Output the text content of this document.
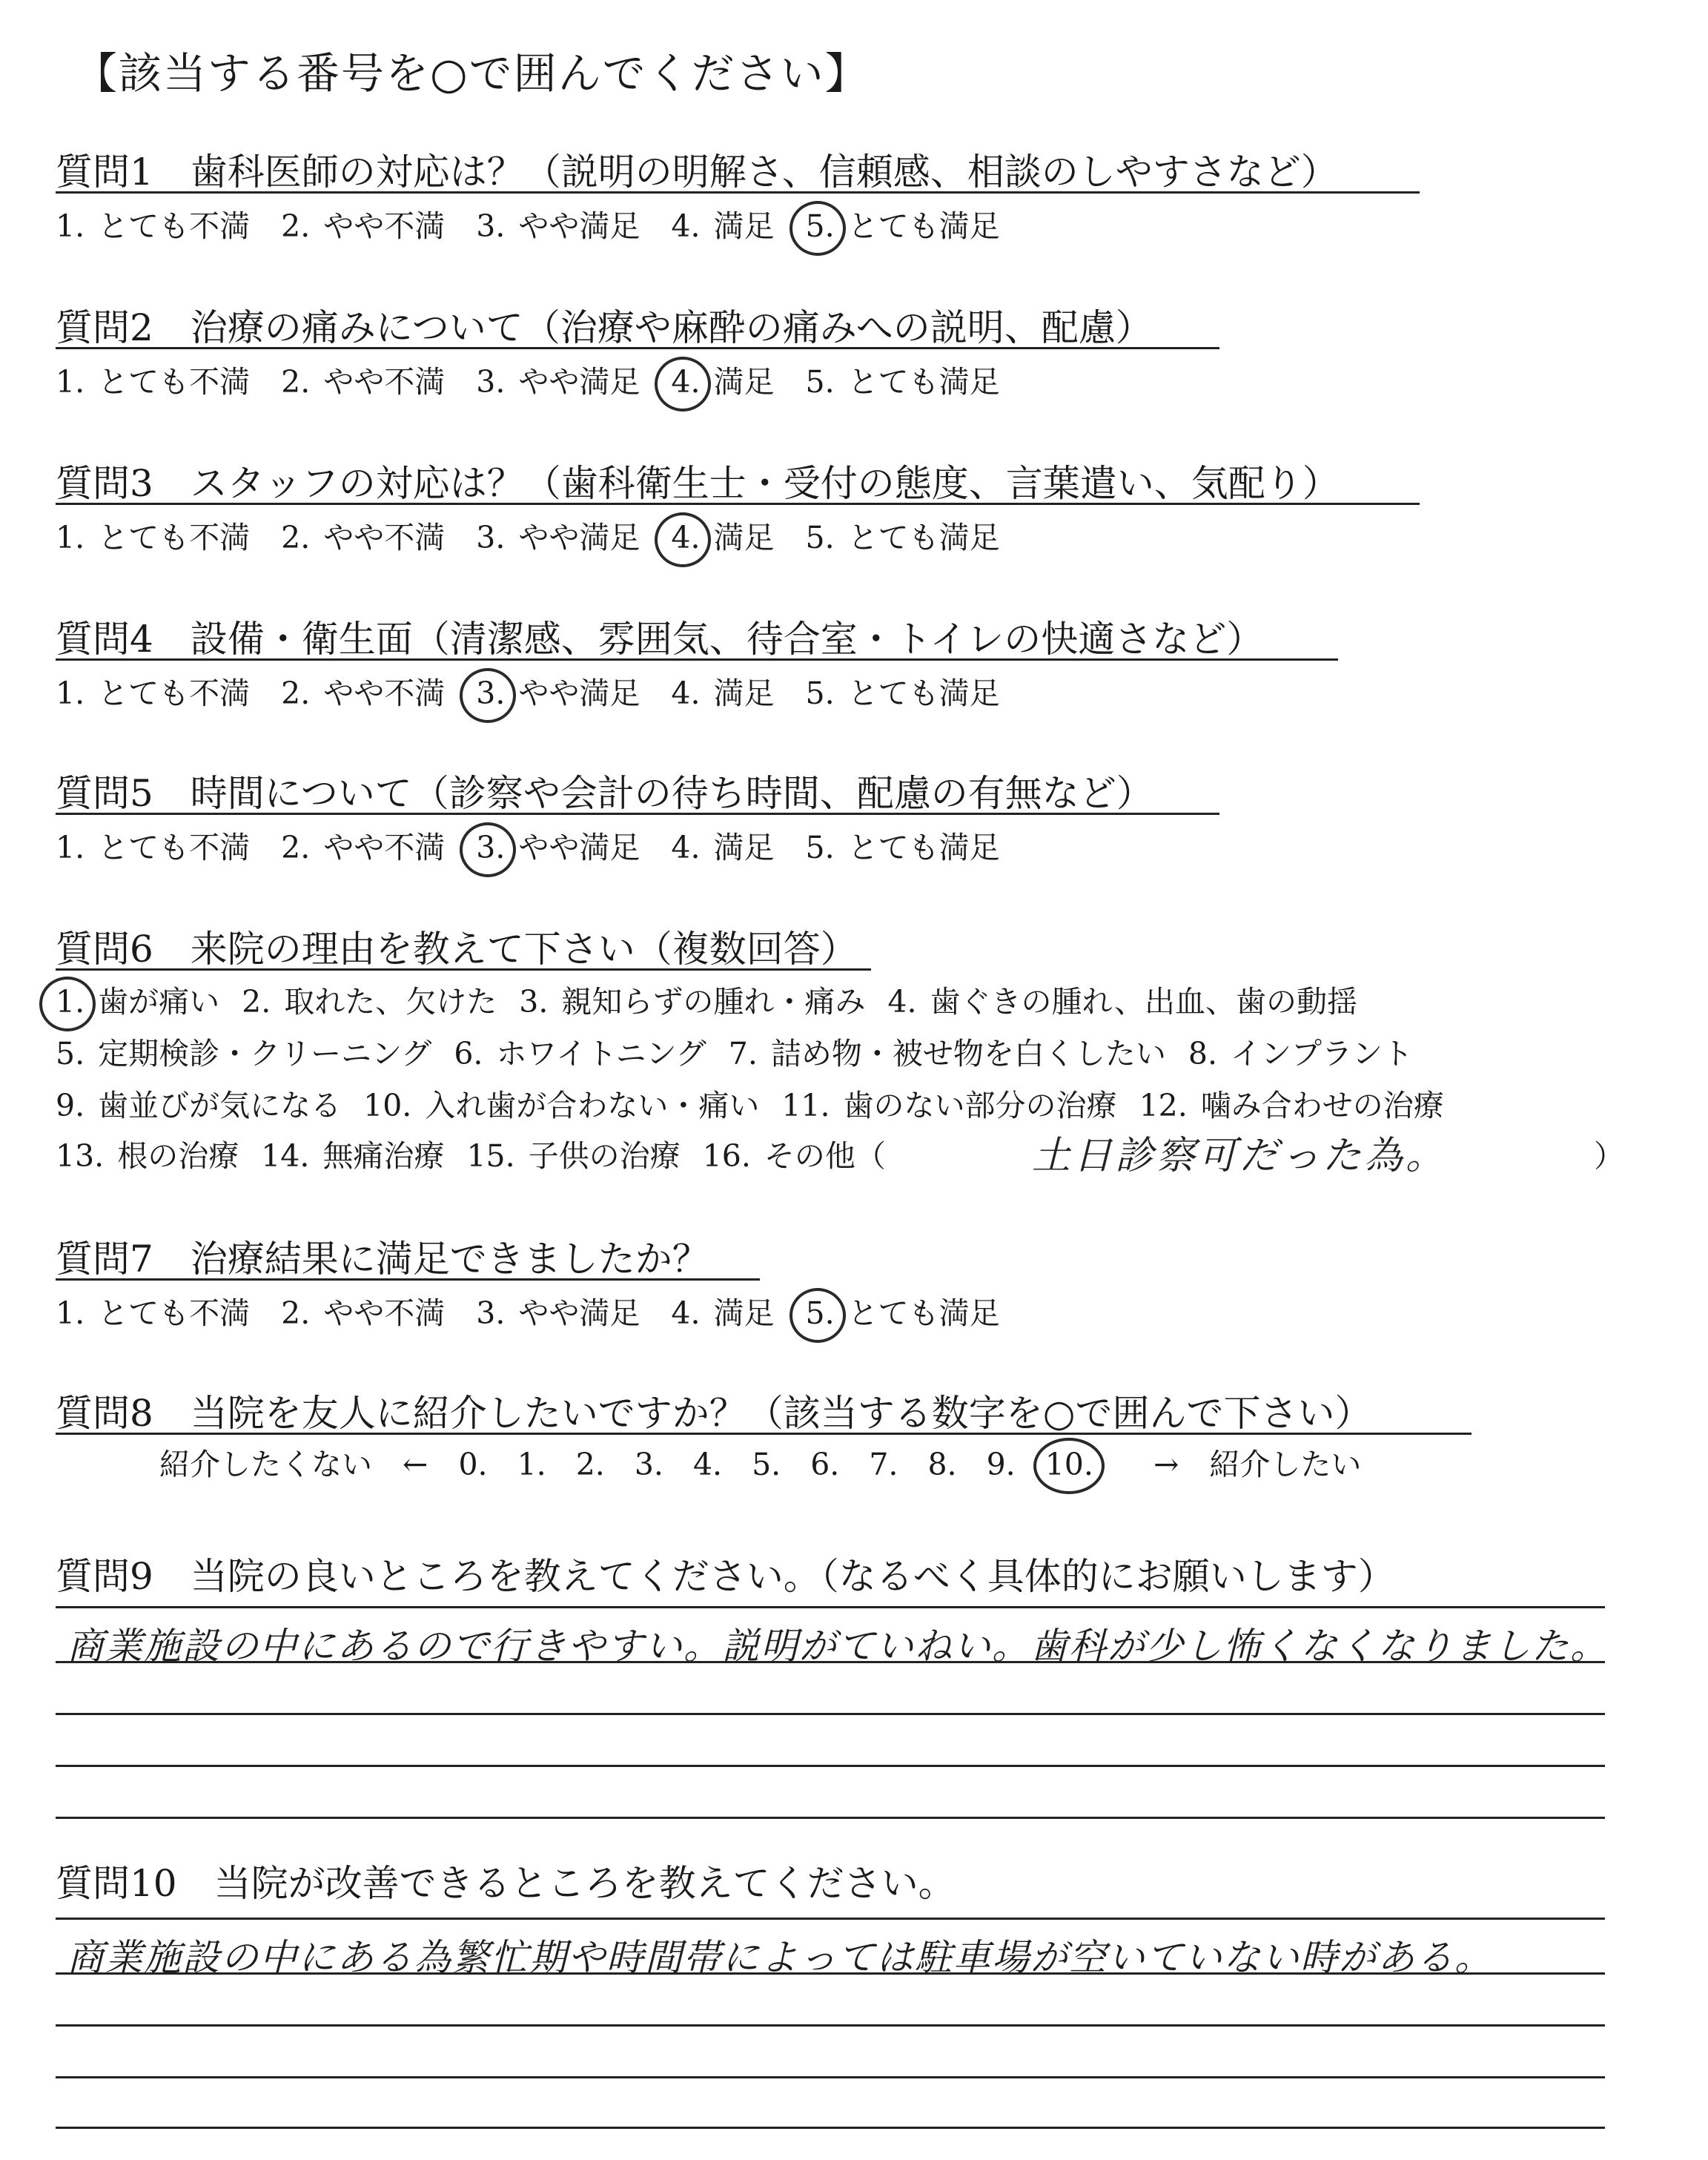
【該当する番号を○で囲んでください】
質問1　歯科医師の対応は？（説明の明解さ、信頼感、相談のしやすさなど）
1. とても不満 2. やや不満 3. やや満足 4. 満足 5. とても満足
質問2　治療の痛みについて（治療や麻酔の痛みへの説明、配慮）
1. とても不満 2. やや不満 3. やや満足 4. 満足 5. とても満足
質問3　スタッフの対応は？（歯科衛生士・受付の態度、言葉遣い、気配り）
1. とても不満 2. やや不満 3. やや満足 4. 満足 5. とても満足
質問4　設備・衛生面（清潔感、雰囲気、待合室・トイレの快適さなど）
1. とても不満 2. やや不満 3. やや満足 4. 満足 5. とても満足
質問5　時間について（診察や会計の待ち時間、配慮の有無など）
1. とても不満 2. やや不満 3. やや満足 4. 満足 5. とても満足
質問6　来院の理由を教えて下さい（複数回答）
1. 歯が痛い 2. 取れた、欠けた 3. 親知らずの腫れ・痛み 4. 歯ぐきの腫れ、出血、歯の動揺
5. 定期検診・クリーニング 6. ホワイトニング 7. 詰め物・被せ物を白くしたい 8. インプラント
9. 歯並びが気になる 10. 入れ歯が合わない・痛い 11. 歯のない部分の治療 12. 噛み合わせの治療
13. 根の治療 14. 無痛治療 15. 子供の治療 16. その他（	土日診察可だった為。	）
質問7　治療結果に満足できましたか？
1. とても不満 2. やや不満 3. やや満足 4. 満足 5. とても満足
質問8　当院を友人に紹介したいですか？（該当する数字を○で囲んで下さい）
紹介したくない ← 0. 1. 2. 3. 4. 5. 6. 7. 8. 9. 10. → 紹介したい
質問9　当院の良いところを教えてください。（なるべく具体的にお願いします）
商業施設の中にあるので行きやすい。説明がていねい。歯科が少し怖くなくなりました。
質問10　当院が改善できるところを教えてください。
商業施設の中にある為繁忙期や時間帯によっては駐車場が空いていない時がある。
